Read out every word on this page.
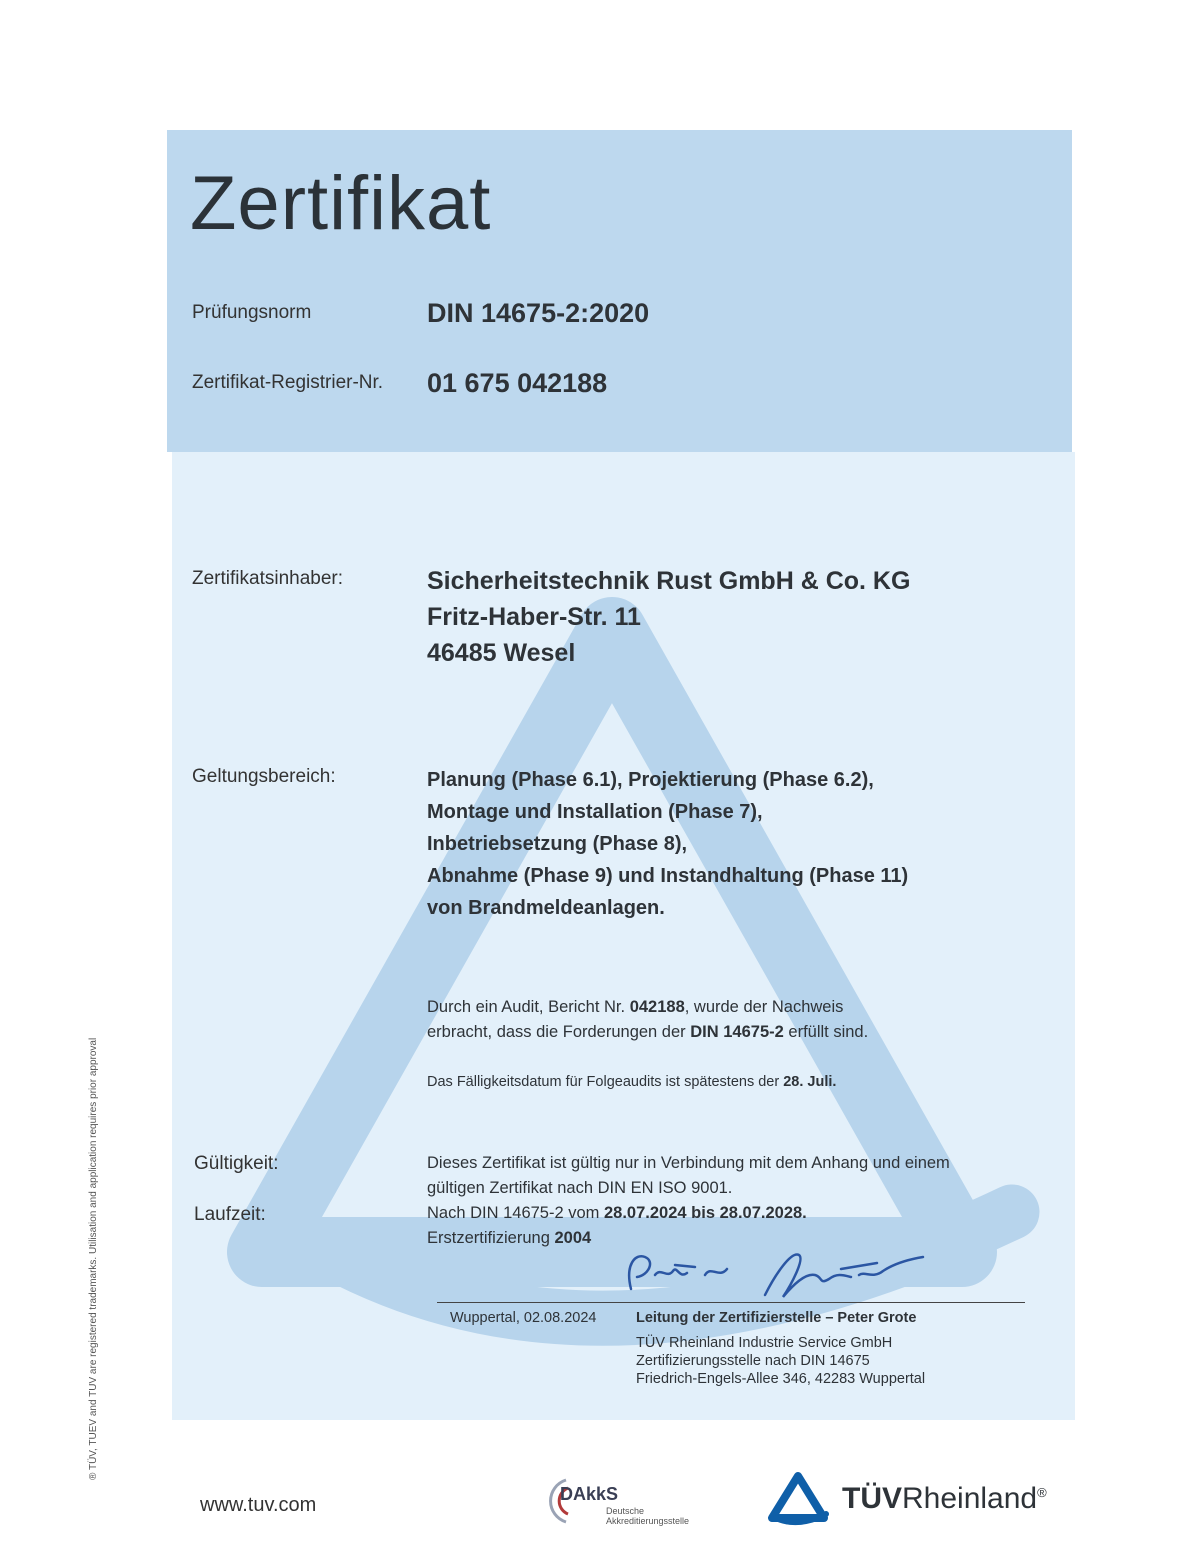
Zertifikat
Prüfungsnorm	DIN 14675-2:2020
Zertifikat-Registrier-Nr. 01 675 042188
Zertifikatsinhaber:	Sicherheitstechnik Rust GmbH & Co. KG
Fritz-Haber-Str. 11
46485 Wesel
Geltungsbereich:	Planung (Phase 6.1), Projektierung (Phase 6.2),
Montage und Installation (Phase 7),
Inbetriebsetzung (Phase 8),
Abnahme (Phase 9) und Instandhaltung (Phase 11)
von Brandmeldeanlagen.
Durch ein Audit, Bericht Nr. 042188, wurde der Nachweis
erbracht, dass die Forderungen der DIN 14675-2 erfüllt sind.
Das Fälligkeitsdatum für Folgeaudits ist spätestens der 28. Juli.
Gültigkeit:	Dieses Zertifikat ist gültig nur in Verbindung mit dem Anhang und einem
gültigen Zertifikat nach DIN EN ISO 9001.
Laufzeit:	Nach DIN 14675-2 vom 28.07.2024 bis 28.07.2028.
Erstzertifizierung 2004
Wuppertal, 02.08.2024	Leitung der Zertifizierstelle – Peter Grote
TÜV Rheinland Industrie Service GmbH
Zertifizierungsstelle nach DIN 14675
Friedrich-Engels-Allee 346, 42283 Wuppertal
® TÜV, TUEV and TUV are registered trademarks. Utilisation and application requires prior approval
www.tuv.com	DAkkS
Deutsche
Akkreditierungsstelle
TÜVRheinland®
